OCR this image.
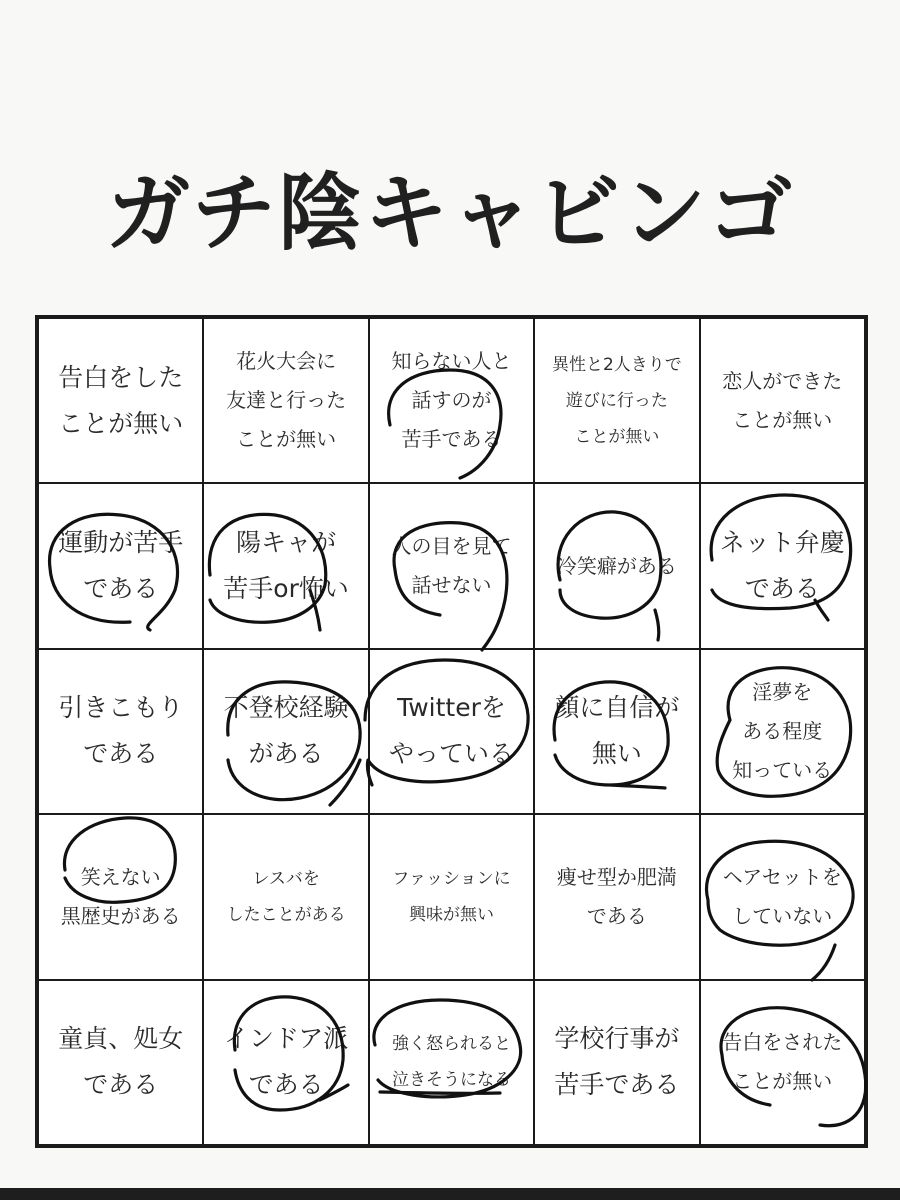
ガチ陰キャビンゴ
告白をした
ことが無い
花火大会に
友達と行った
ことが無い
知らない人と
話すのが
苦手である
異性と2人きりで
遊びに行った
ことが無い
恋人ができた
ことが無い
運動が苦手
である
陽キャが
苦手or怖い
人の目を見て
話せない
冷笑癖がある
ネット弁慶
である
引きこもり
である
不登校経験
がある
Twitterを
やっている
顔に自信が
無い
淫夢を
ある程度
知っている
笑えない
黒歴史がある
レスバを
したことがある
ファッションに
興味が無い
痩せ型か肥満
である
ヘアセットを
していない
童貞、処女
である
インドア派
である
強く怒られると
泣きそうになる
学校行事が
苦手である
告白をされた
ことが無い
